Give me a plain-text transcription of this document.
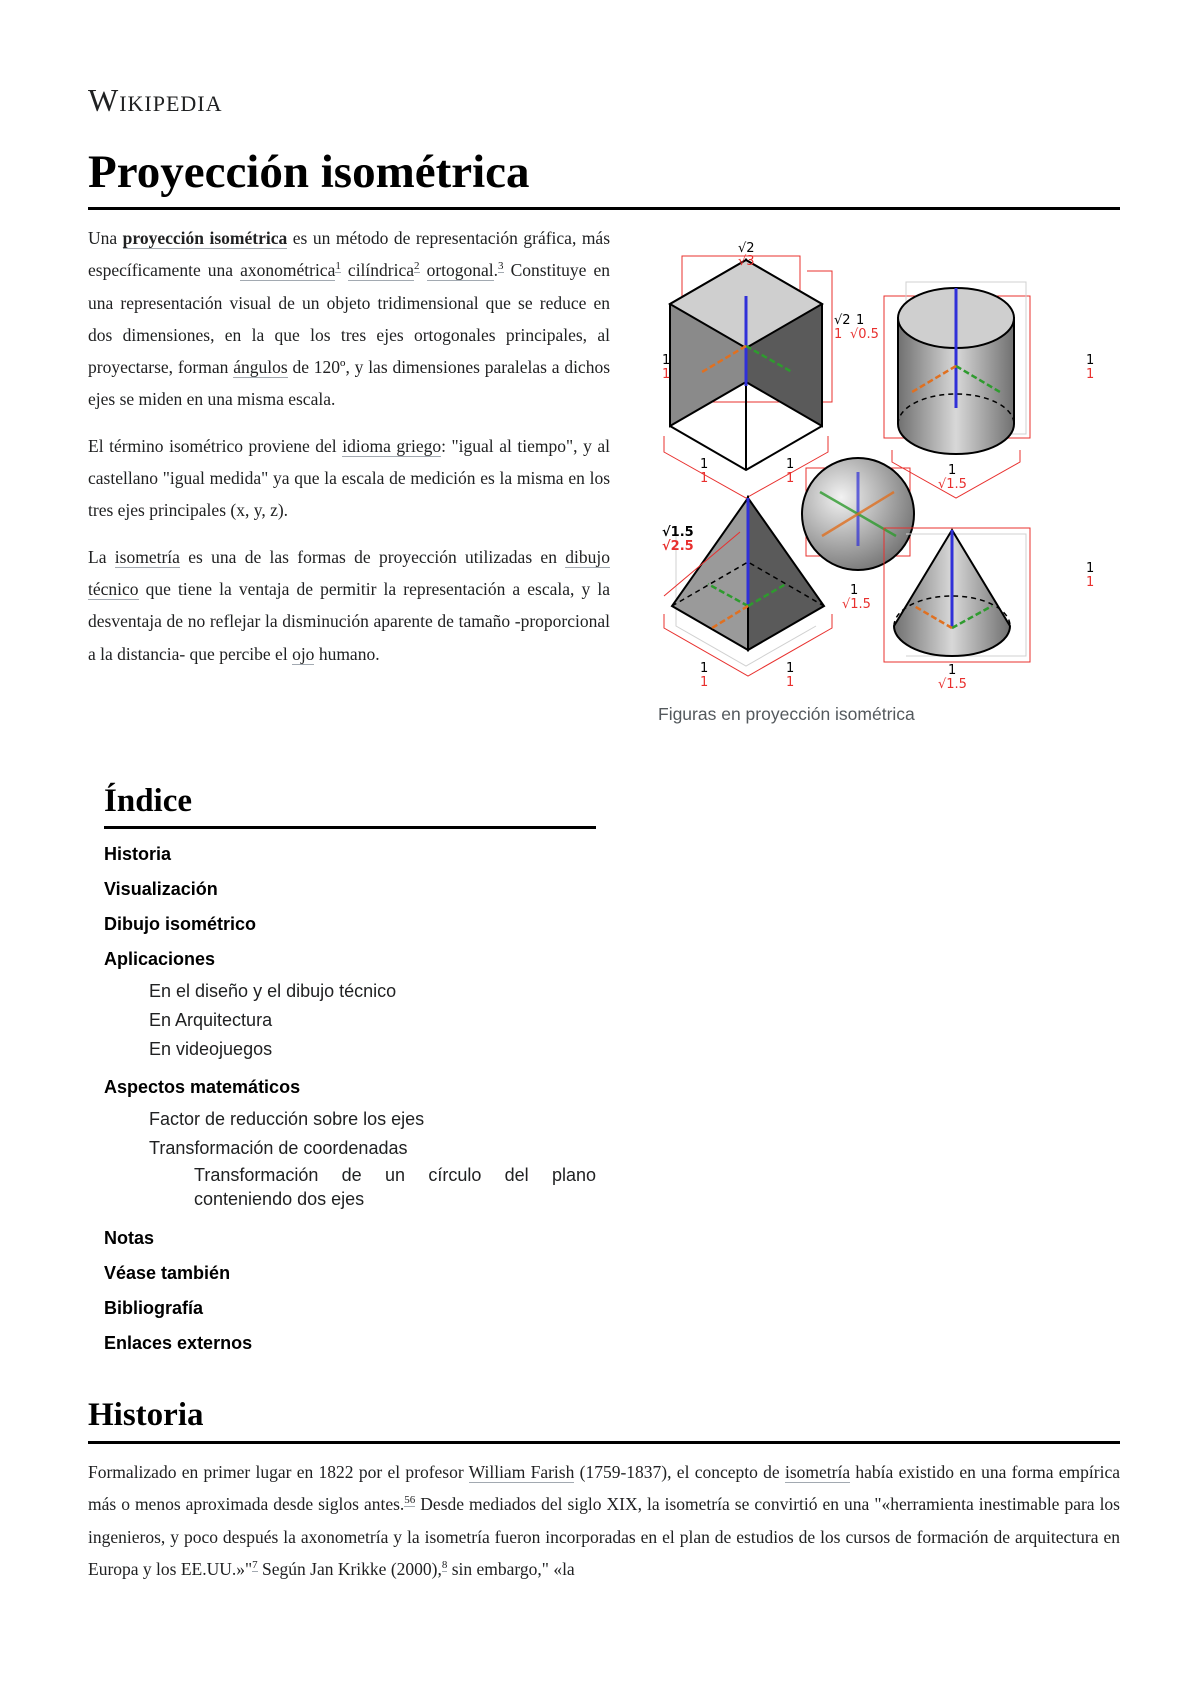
Wikipedia
Proyección isométrica

Una proyección isométrica es un método de representación gráfica, más específicamente una axonométrica$^1$ cilíndrica$^2$ ortogonal.$^3$ Constituye en una representación visual de un objeto tridimensional que se reduce en dos dimensiones, en la que los tres ejes ortogonales principales, al proyectarse, forman ángulos de 120º, y las dimensiones paralelas a dichos ejes se miden en una misma escala.

El término isométrico proviene del idioma griego: "igual al tiempo", y al castellano "igual medida" ya que la escala de medición es la misma en los tres ejes principales (x, y, z).

La isometría es una de las formas de proyección utilizadas en dibujo técnico que tiene la ventaja de permitir la representación a escala, y la desventaja de no reflejar la disminución aparente de tamaño -proporcional a la distancia- que percibe el ojo humano.

√2
√3
1
1
√2
1
1
1
1
1
1
√0.5
1
1
1
√1.5
1
√1.5
√1.5
√2.5
1
1
1
1
1
1
1
√1.5
Figuras en proyección isométrica
Índice
Historia
Visualización
Dibujo isométrico
Aplicaciones
En el diseño y el dibujo técnico
En Arquitectura
En videojuegos
Aspectos matemáticos
Factor de reducción sobre los ejes
Transformación de coordenadas
Transformación de un círculo del plano conteniendo dos ejes
Notas
Véase también
Bibliografía
Enlaces externos
Historia

Formalizado en primer lugar en 1822 por el profesor William Farish (1759-1837), el concepto de isometría había existido en una forma empírica más o menos aproximada desde siglos antes.$^{56}$ Desde mediados del siglo XIX, la isometría se convirtió en una "«herramienta inestimable para los ingenieros, y poco después la axonometría y la isometría fueron incorporadas en el plan de estudios de los cursos de formación de arquitectura en Europa y los EE.UU.»"$^7$ Según Jan Krikke (2000),$^8$ sin embargo," «la
